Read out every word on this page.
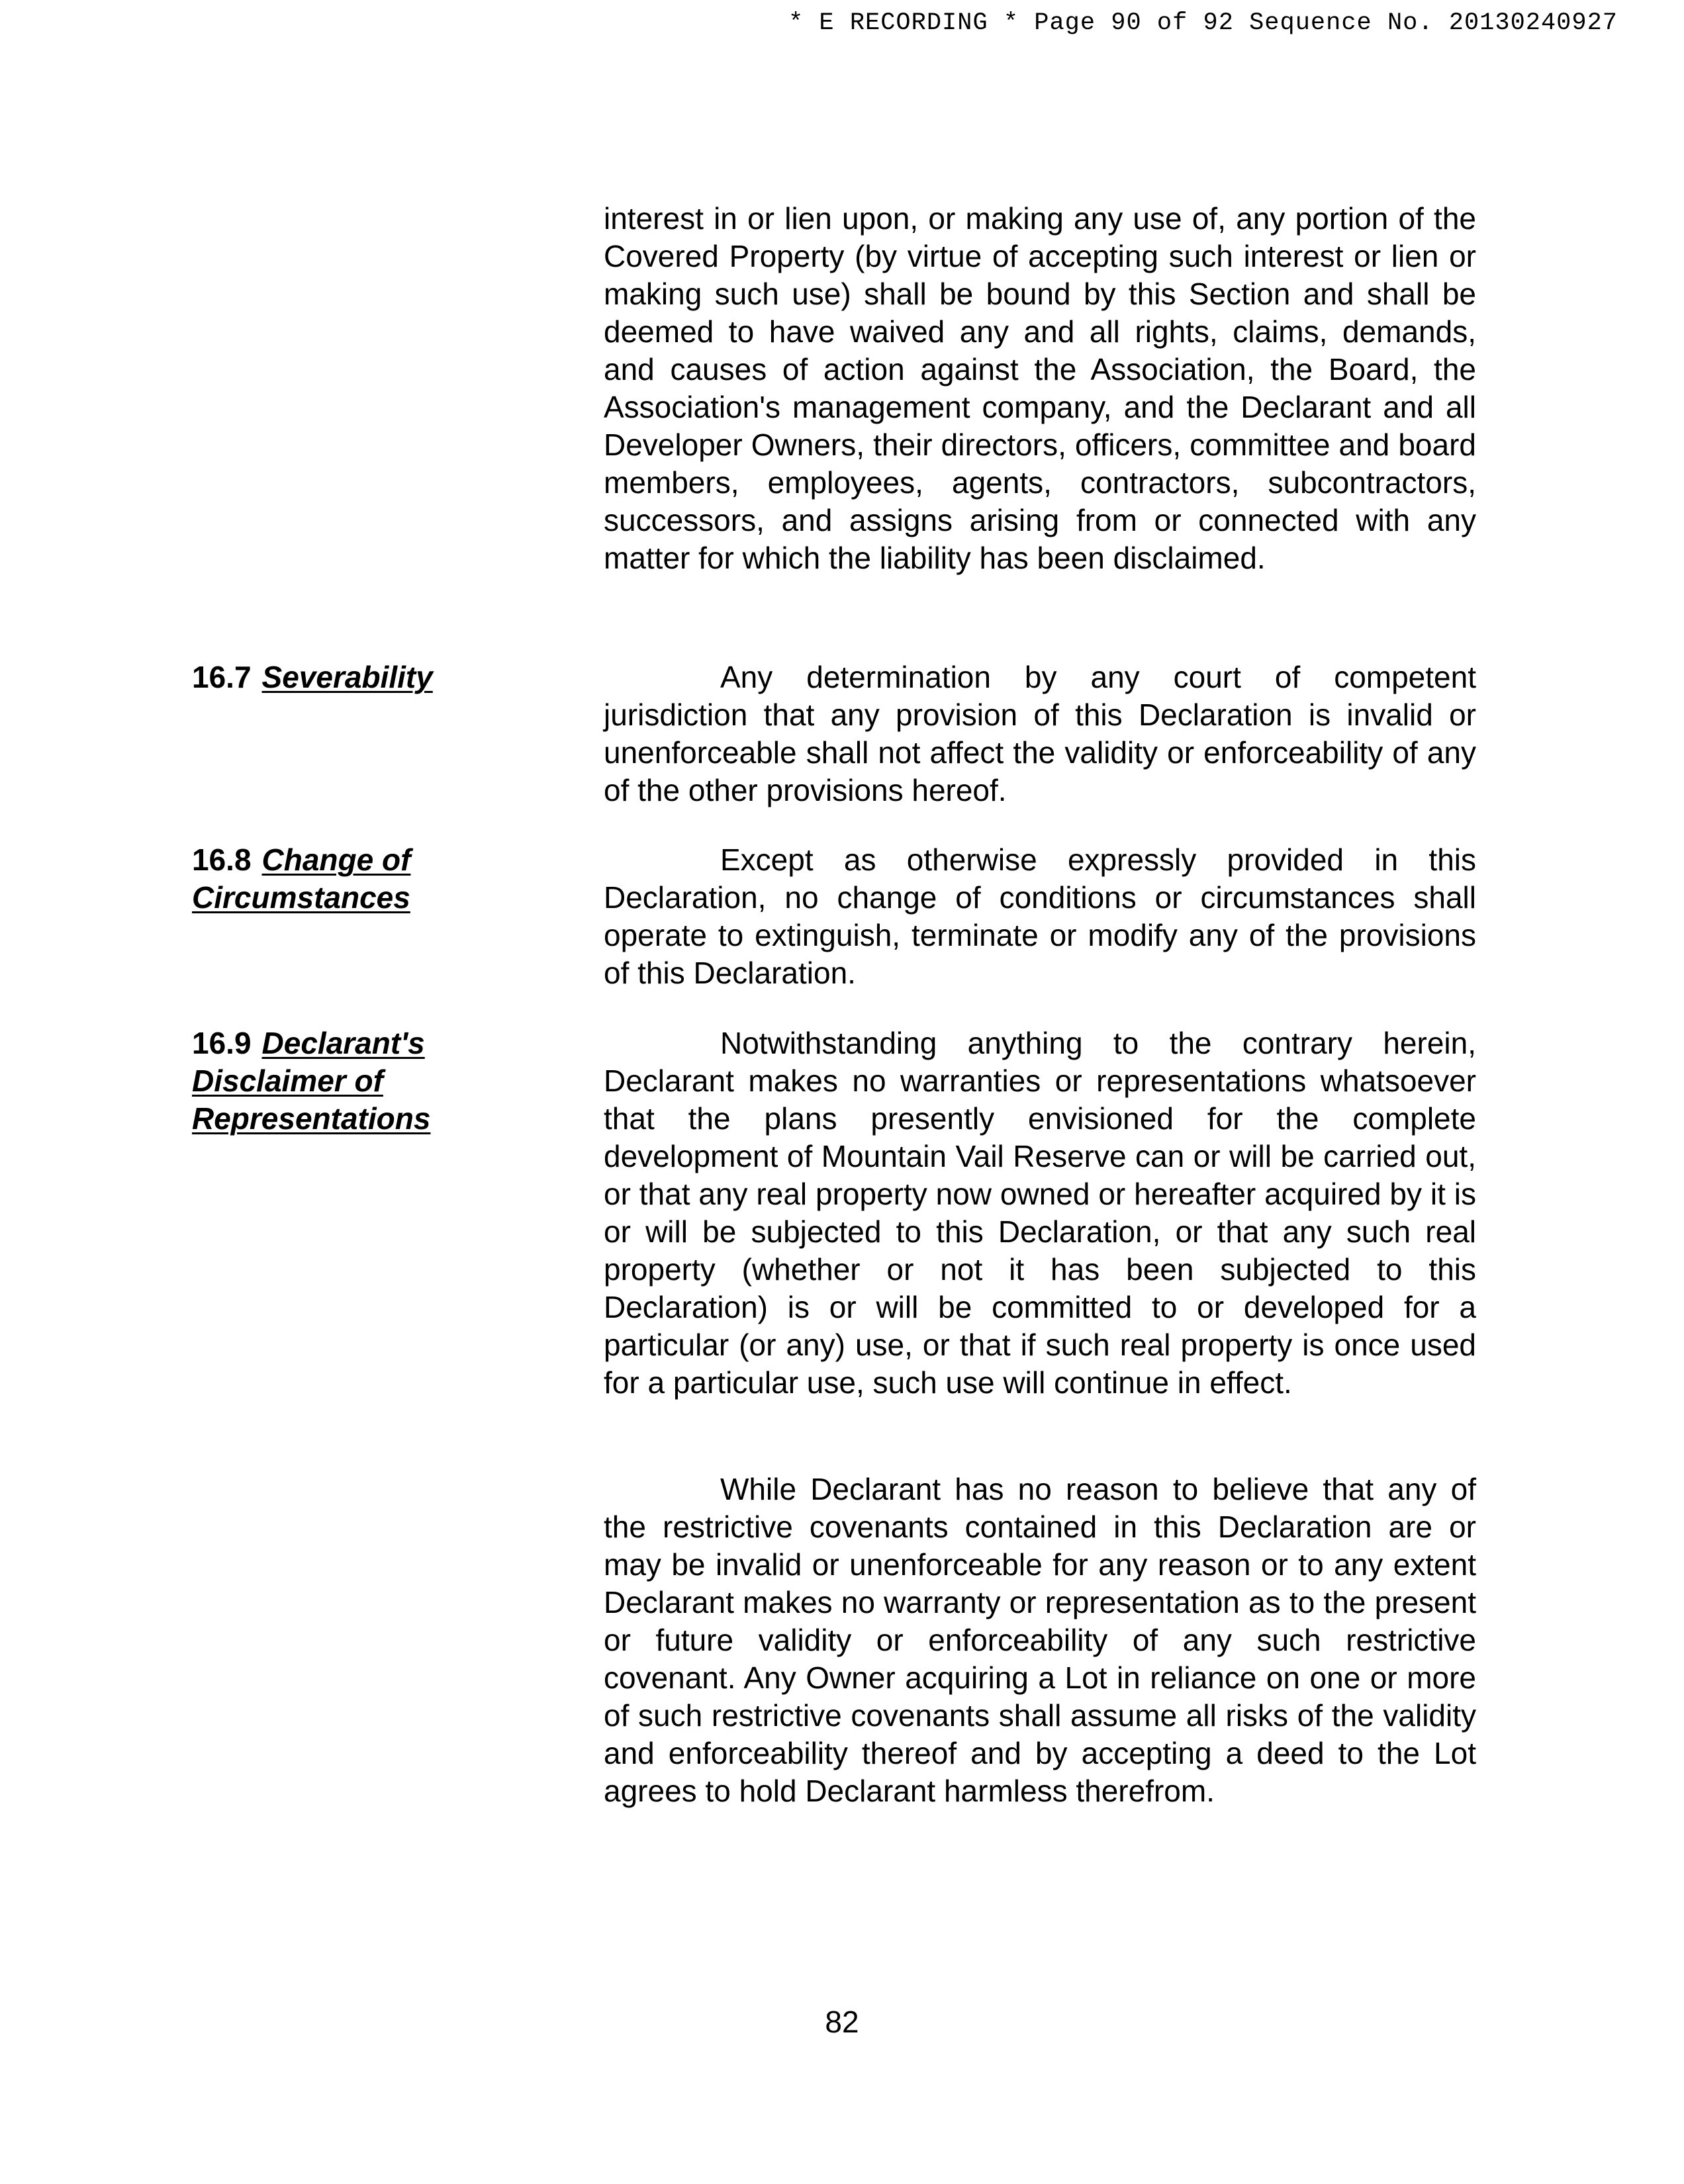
* E RECORDING * Page 90 of 92 Sequence No. 20130240927

interest in or lien upon, or making any use of, any portion of the Covered Property (by virtue of accepting such interest or lien or making such use) shall be bound by this Section and shall be deemed to have waived any and all rights, claims, demands, and causes of action against the Association, the Board, the Association's management company, and the Declarant and all Developer Owners, their directors, officers, committee and board members, employees, agents, contractors, subcontractors, successors, and assigns arising from or connected with any matter for which the liability has been disclaimed.

16.7 Severability	Any determination by any court of competent jurisdiction that any provision of this Declaration is invalid or unenforceable shall not affect the validity or enforceability of any of the other provisions hereof.

16.8 Change of Circumstances

Except as otherwise expressly provided in this Declaration, no change of conditions or circumstances shall operate to extinguish, terminate or modify any of the provisions of this Declaration.

16.9 Declarant's Disclaimer of Representations

Notwithstanding anything to the contrary herein, Declarant makes no warranties or representations whatsoever that the plans presently envisioned for the complete development of Mountain Vail Reserve can or will be carried out, or that any real property now owned or hereafter acquired by it is or will be subjected to this Declaration, or that any such real property (whether or not it has been subjected to this Declaration) is or will be committed to or developed for a particular (or any) use, or that if such real property is once used for a particular use, such use will continue in effect.

While Declarant has no reason to believe that any of the restrictive covenants contained in this Declaration are or may be invalid or unenforceable for any reason or to any extent Declarant makes no warranty or representation as to the present or future validity or enforceability of any such restrictive covenant. Any Owner acquiring a Lot in reliance on one or more of such restrictive covenants shall assume all risks of the validity and enforceability thereof and by accepting a deed to the Lot agrees to hold Declarant harmless therefrom.

82
